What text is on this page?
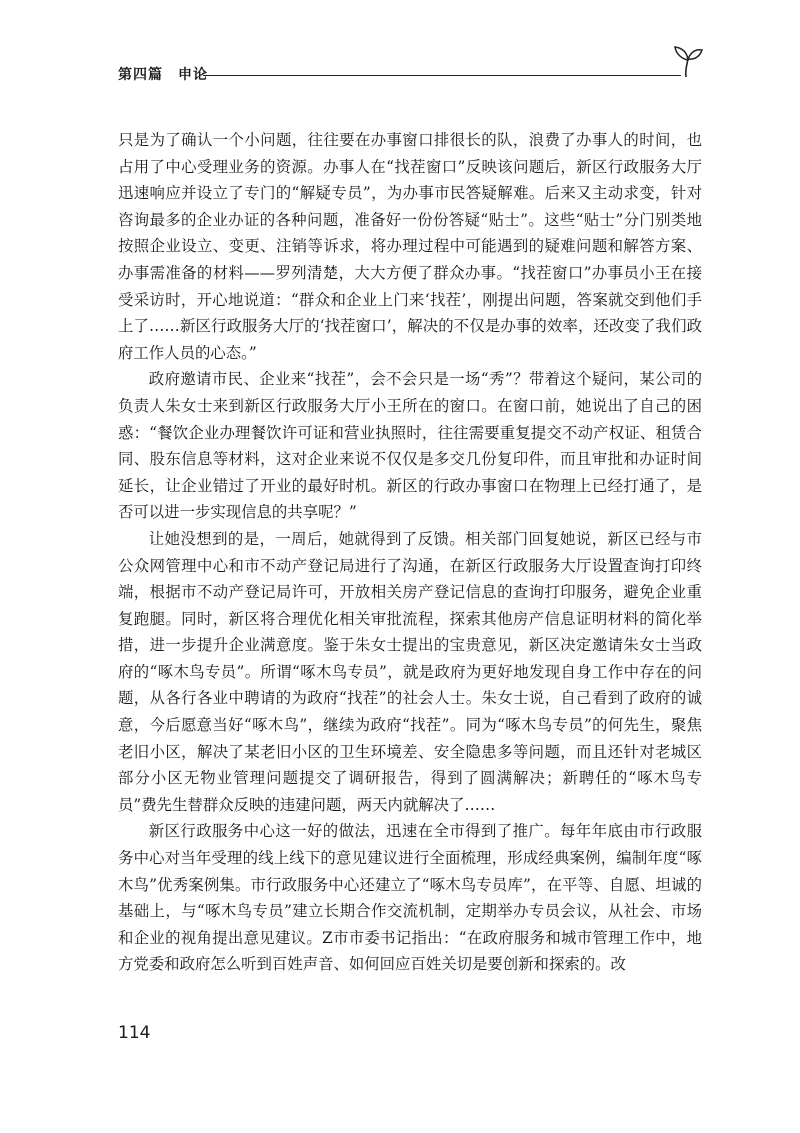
第四篇　申论

只是为了确认一个小问题，往往要在办事窗口排很长的队，浪费了办事人的时间，也占用了中心受理业务的资源。办事人在“找茬窗口”反映该问题后，新区行政服务大厅迅速响应并设立了专门的“解疑专员”，为办事市民答疑解难。后来又主动求变，针对咨询最多的企业办证的各种问题，准备好一份份答疑“贴士”。这些“贴士”分门别类地按照企业设立、变更、注销等诉求，将办理过程中可能遇到的疑难问题和解答方案、办事需准备的材料——罗列清楚，大大方便了群众办事。“找茬窗口”办事员小王在接受采访时，开心地说道：“群众和企业上门来‘找茬’，刚提出问题，答案就交到他们手上了……新区行政服务大厅的‘找茬窗口’，解决的不仅是办事的效率，还改变了我们政府工作人员的心态。”

政府邀请市民、企业来“找茬”，会不会只是一场“秀”？带着这个疑问，某公司的负责人朱女士来到新区行政服务大厅小王所在的窗口。在窗口前，她说出了自己的困惑：“餐饮企业办理餐饮许可证和营业执照时，往往需要重复提交不动产权证、租赁合同、股东信息等材料，这对企业来说不仅仅是多交几份复印件，而且审批和办证时间延长，让企业错过了开业的最好时机。新区的行政办事窗口在物理上已经打通了，是否可以进一步实现信息的共享呢？”

让她没想到的是，一周后，她就得到了反馈。相关部门回复她说，新区已经与市公众网管理中心和市不动产登记局进行了沟通，在新区行政服务大厅设置查询打印终端，根据市不动产登记局许可，开放相关房产登记信息的查询打印服务，避免企业重复跑腿。同时，新区将合理优化相关审批流程，探索其他房产信息证明材料的简化举措，进一步提升企业满意度。鉴于朱女士提出的宝贵意见，新区决定邀请朱女士当政府的“啄木鸟专员”。所谓“啄木鸟专员”，就是政府为更好地发现自身工作中存在的问题，从各行各业中聘请的为政府“找茬”的社会人士。朱女士说，自己看到了政府的诚意，今后愿意当好“啄木鸟”，继续为政府“找茬”。同为“啄木鸟专员”的何先生，聚焦老旧小区，解决了某老旧小区的卫生环境差、安全隐患多等问题，而且还针对老城区部分小区无物业管理问题提交了调研报告，得到了圆满解决；新聘任的“啄木鸟专员”费先生替群众反映的违建问题，两天内就解决了……

新区行政服务中心这一好的做法，迅速在全市得到了推广。每年年底由市行政服务中心对当年受理的线上线下的意见建议进行全面梳理，形成经典案例，编制年度“啄木鸟”优秀案例集。市行政服务中心还建立了“啄木鸟专员库”，在平等、自愿、坦诚的基础上，与“啄木鸟专员”建立长期合作交流机制，定期举办专员会议，从社会、市场和企业的视角提出意见建议。Z市市委书记指出：“在政府服务和城市管理工作中，地方党委和政府怎么听到百姓声音、如何回应百姓关切是要创新和探索的。改

114
